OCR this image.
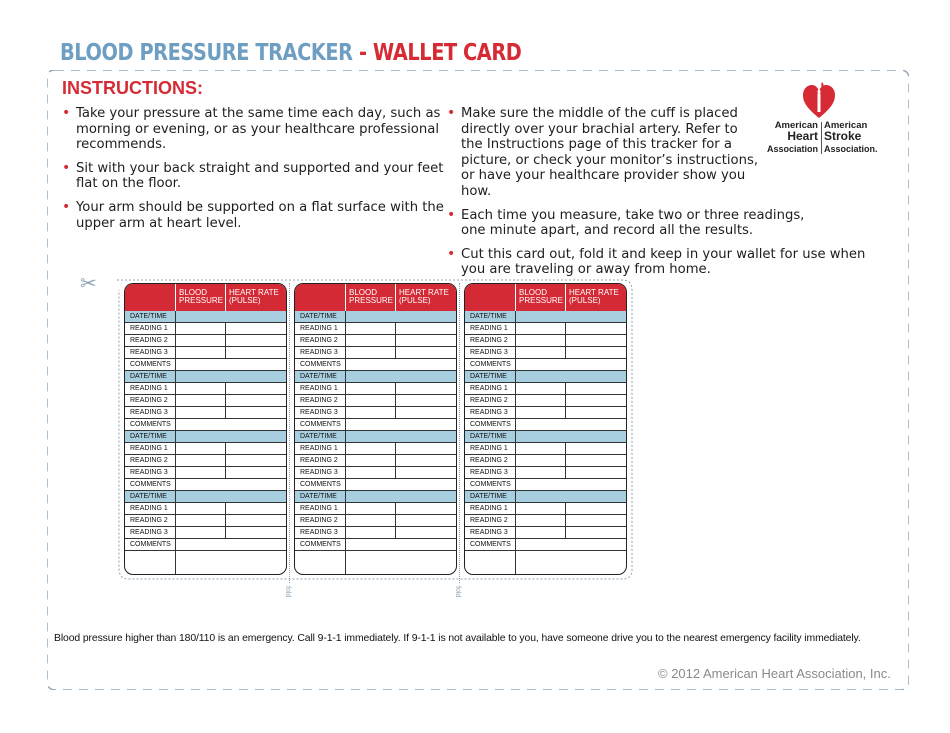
BLOOD PRESSURE TRACKER - WALLET CARD
INSTRUCTIONS:
• Take your pressure at the same time each day, such as morning or evening, or as your healthcare professional recommends.
• Sit with your back straight and supported and your feet flat on the floor.
• Your arm should be supported on a flat surface with the upper arm at heart level.
• Make sure the middle of the cuff is placed directly over your brachial artery. Refer to the Instructions page of this tracker for a picture, or check your monitor’s instructions, or have your healthcare provider show you how.
• Each time you measure, take two or three readings, one minute apart, and record all the results.
• Cut this card out, fold it and keep in your wallet for use when you are traveling or away from home.
American
Heart
Association
American
Stroke
Association.
✂
fold	fold
BLOOD PRESSURE
HEART RATE (PULSE)
DATE/TIME
READING 1
READING 2
READING 3
COMMENTS
DATE/TIME
READING 1
READING 2
READING 3
COMMENTS
DATE/TIME
READING 1
READING 2
READING 3
COMMENTS
DATE/TIME
READING 1
READING 2
READING 3
COMMENTS
BLOOD PRESSURE
HEART RATE (PULSE)
DATE/TIME
READING 1
READING 2
READING 3
COMMENTS
DATE/TIME
READING 1
READING 2
READING 3
COMMENTS
DATE/TIME
READING 1
READING 2
READING 3
COMMENTS
DATE/TIME
READING 1
READING 2
READING 3
COMMENTS
BLOOD PRESSURE
HEART RATE (PULSE)
DATE/TIME
READING 1
READING 2
READING 3
COMMENTS
DATE/TIME
READING 1
READING 2
READING 3
COMMENTS
DATE/TIME
READING 1
READING 2
READING 3
COMMENTS
DATE/TIME
READING 1
READING 2
READING 3
COMMENTS
Blood pressure higher than 180/110 is an emergency. Call 9-1-1 immediately. If 9-1-1 is not available to you, have someone drive you to the nearest emergency facility immediately.
© 2012 American Heart Association, Inc.
